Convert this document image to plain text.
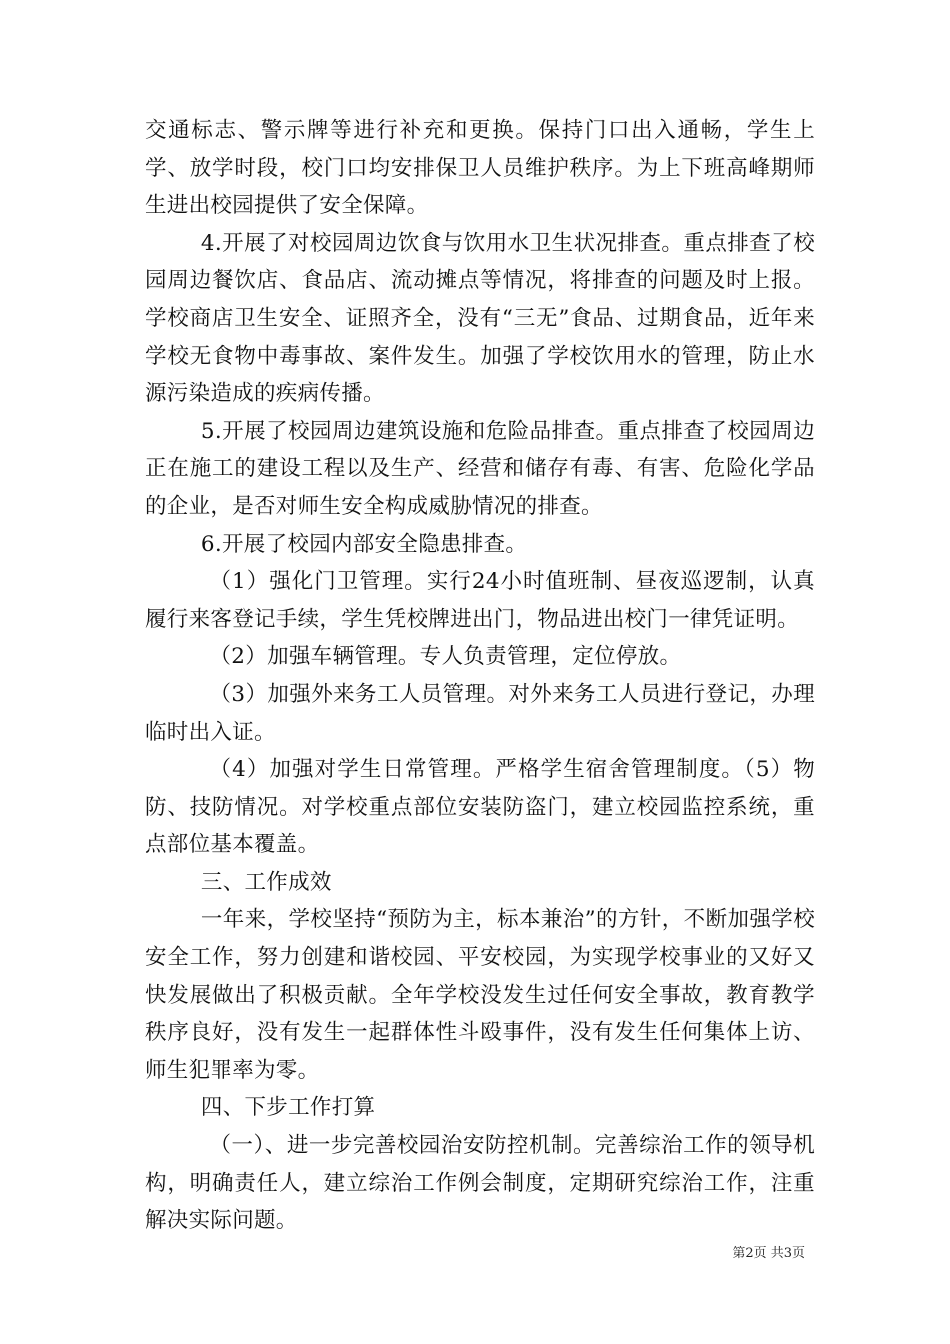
交通标志、警示牌等进行补充和更换。保持门口出入通畅，学生上学、放学时段，校门口均安排保卫人员维护秩序。为上下班高峰期师生进出校园提供了安全保障。

4.开展了对校园周边饮食与饮用水卫生状况排查。重点排查了校园周边餐饮店、食品店、流动摊点等情况，将排查的问题及时上报。学校商店卫生安全、证照齐全，没有“三无”食品、过期食品，近年来学校无食物中毒事故、案件发生。加强了学校饮用水的管理，防止水源污染造成的疾病传播。

5.开展了校园周边建筑设施和危险品排查。重点排查了校园周边正在施工的建设工程以及生产、经营和储存有毒、有害、危险化学品的企业，是否对师生安全构成威胁情况的排查。

6.开展了校园内部安全隐患排查。

（1）强化门卫管理。实行24小时值班制、昼夜巡逻制，认真履行来客登记手续，学生凭校牌进出门，物品进出校门一律凭证明。

（2）加强车辆管理。专人负责管理，定位停放。

（3）加强外来务工人员管理。对外来务工人员进行登记，办理临时出入证。

（4）加强对学生日常管理。严格学生宿舍管理制度。（5）物防、技防情况。对学校重点部位安装防盗门，建立校园监控系统，重点部位基本覆盖。

三、工作成效

一年来，学校坚持“预防为主，标本兼治”的方针，不断加强学校安全工作，努力创建和谐校园、平安校园，为实现学校事业的又好又快发展做出了积极贡献。全年学校没发生过任何安全事故，教育教学秩序良好，没有发生一起群体性斗殴事件，没有发生任何集体上访、师生犯罪率为零。

四、下步工作打算

（一）、进一步完善校园治安防控机制。完善综治工作的领导机构，明确责任人，建立综治工作例会制度，定期研究综治工作，注重解决实际问题。

第2页 共3页
